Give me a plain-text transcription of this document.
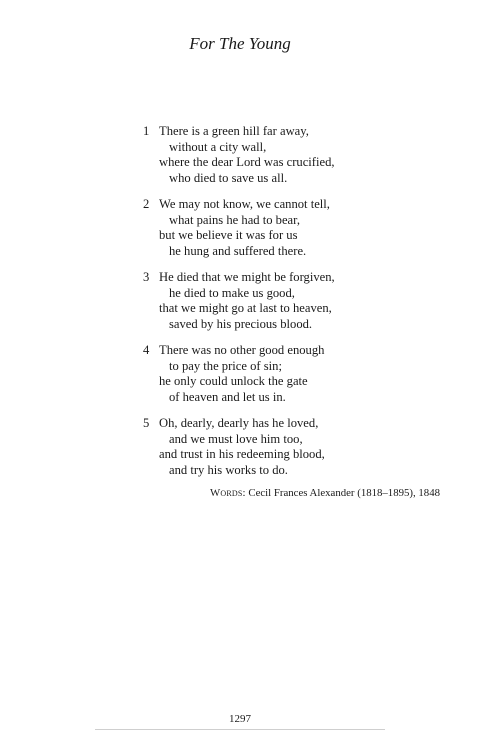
For The Young
1 There is a green hill far away,
without a city wall,
where the dear Lord was crucified,
who died to save us all.
2 We may not know, we cannot tell,
what pains he had to bear,
but we believe it was for us
he hung and suffered there.
3 He died that we might be forgiven,
he died to make us good,
that we might go at last to heaven,
saved by his precious blood.
4 There was no other good enough
to pay the price of sin;
he only could unlock the gate
of heaven and let us in.
5 Oh, dearly, dearly has he loved,
and we must love him too,
and trust in his redeeming blood,
and try his works to do.
Words: Cecil Frances Alexander (1818–1895), 1848
1297
